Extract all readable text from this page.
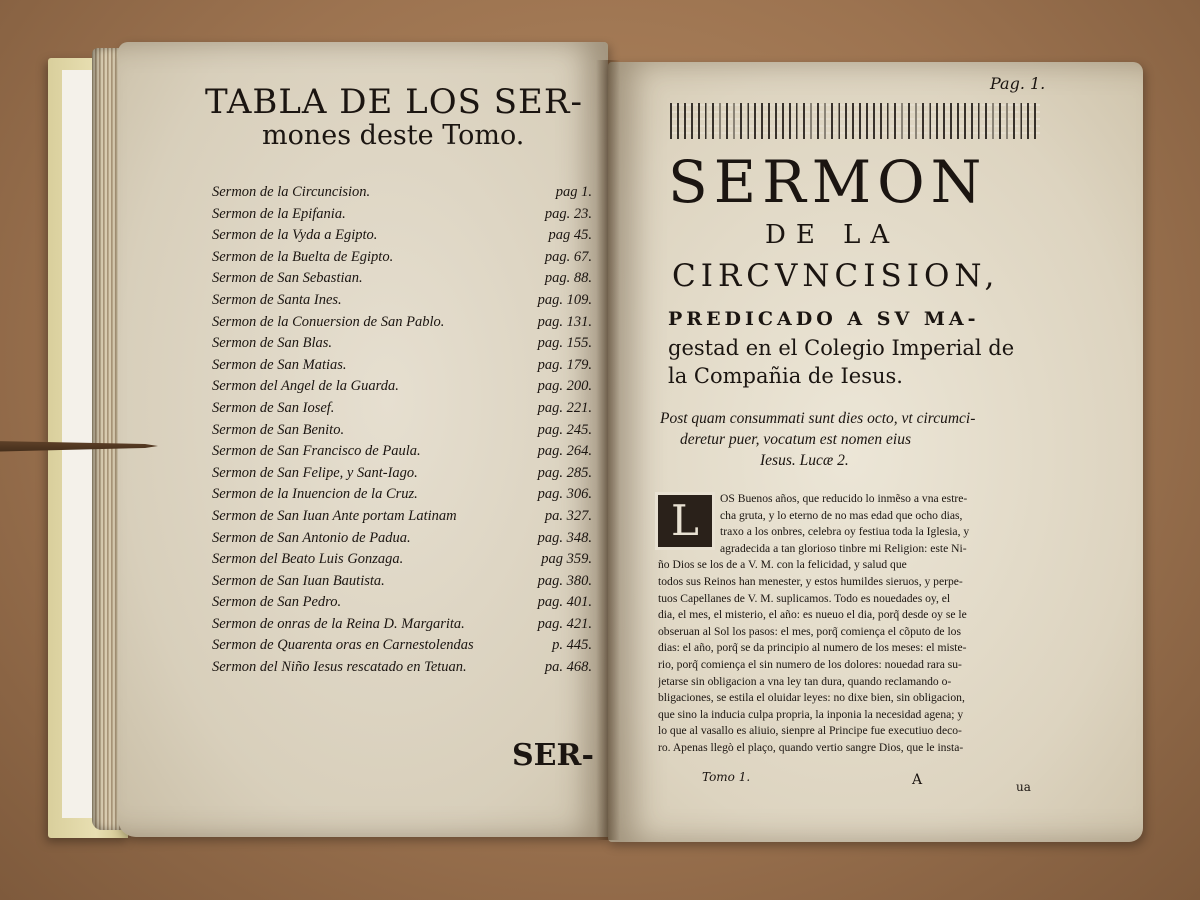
TABLA DE LOS SER-
mones deste Tomo.
Sermon de la Circuncision.	pag 1.
Sermon de la Epifania.	pag. 23.
Sermon de la Vyda a Egipto.	pag 45.
Sermon de la Buelta de Egipto.	pag. 67.
Sermon de San Sebastian.	pag. 88.
Sermon de Santa Ines.	pag. 109.
Sermon de la Conuersion de San Pablo.	pag. 131.
Sermon de San Blas.	pag. 155.
Sermon de San Matias.	pag. 179.
Sermon del Angel de la Guarda.	pag. 200.
Sermon de San Iosef.	pag. 221.
Sermon de San Benito.	pag. 245.
Sermon de San Francisco de Paula.	pag. 264.
Sermon de San Felipe, y Sant-Iago.	pag. 285.
Sermon de la Inuencion de la Cruz.	pag. 306.
Sermon de San Iuan Ante portam Latinam	pa. 327.
Sermon de San Antonio de Padua.	pag. 348.
Sermon del Beato Luis Gonzaga.	pag 359.
Sermon de San Iuan Bautista.	pag. 380.
Sermon de San Pedro.	pag. 401.
Sermon de onras de la Reina D. Margarita.	pag. 421.
Sermon de Quarenta oras en Carnestolendas	p. 445.
Sermon del Niño Iesus rescatado en Tetuan.	pa. 468.
SER-
Pag. 1.
SERMON
DE LA
CIRCVNCISION,
PREDICADO A SV MA-
gestad en el Colegio Imperial de
la Compañia de Iesus.
Post quam consummati sunt dies octo, vt circumci-
deretur puer, vocatum est nomen eius
Iesus. Lucæ 2.
L
Tomo 1.	A	ua
OS Buenos años, que reducido lo inmẽso a vna estre-
cha gruta, y lo eterno de no mas edad que ocho dias,
traxo a los onbres, celebra oy festiua toda la Iglesia, y
agradecida a tan glorioso tinbre mi Religion: este Ni-
ño Dios se los de a V. M. con la felicidad, y salud que
todos sus Reinos han menester, y estos humildes sieruos, y perpe-
tuos Capellanes de V. M. suplicamos. Todo es nouedades oy, el
dia, el mes, el misterio, el año: es nueuo el dia, porq̃ desde oy se le
obseruan al Sol los pasos: el mes, porq̃ comiença el cõputo de los
dias: el año, porq̃ se da principio al numero de los meses: el miste-
rio, porq̃ comiença el sin numero de los dolores: nouedad rara su-
jetarse sin obligacion a vna ley tan dura, quando reclamando o-
bligaciones, se estila el oluidar leyes: no dixe bien, sin obligacion,
que sino la inducia culpa propria, la inponia la necesidad agena; y
lo que al vasallo es aliuio, sienpre al Principe fue executiuo deco-
ro. Apenas llegò el plaço, quando vertio sangre Dios, que le insta-
